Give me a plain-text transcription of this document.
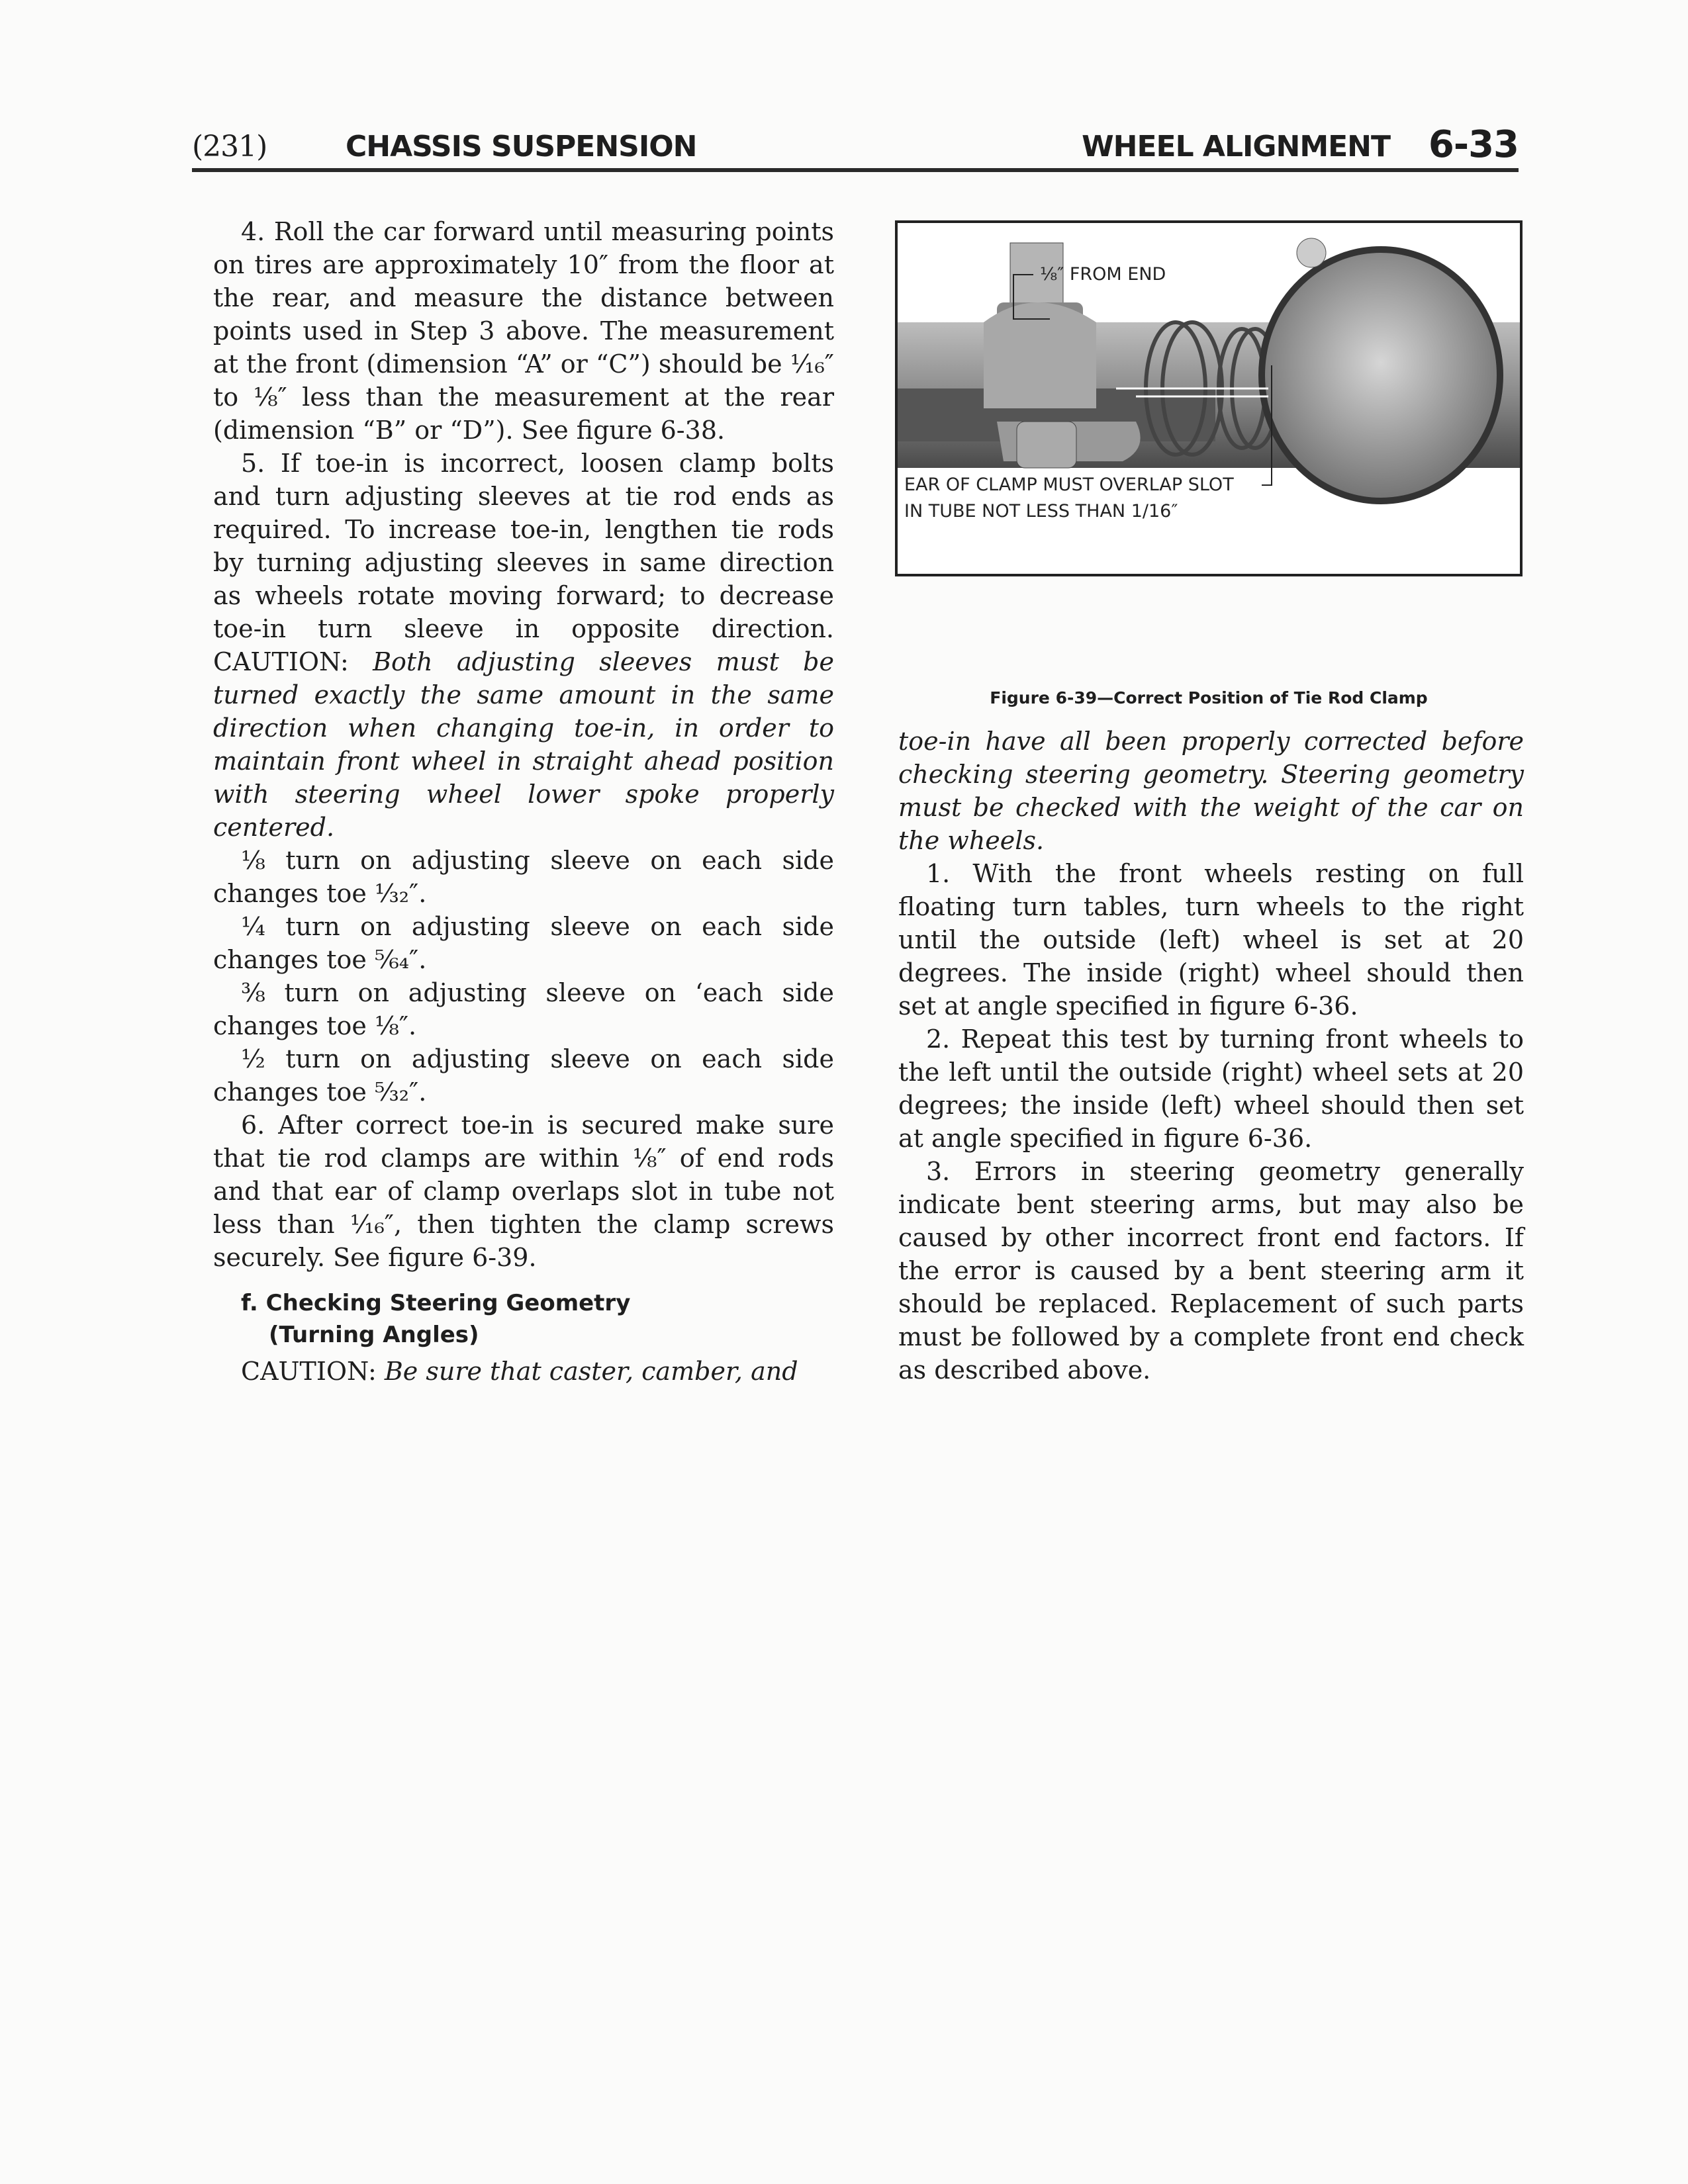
(231)	CHASSIS SUSPENSION	WHEEL ALIGNMENT 6-33

4. Roll the car forward until measuring points on tires are approximately 10″ from the floor at the rear, and measure the distance between points used in Step 3 above. The measurement at the front (dimension “A” or “C”) should be ¹⁄₁₆″ to ⅛″ less than the measurement at the rear (dimension “B” or “D”). See figure 6-38.

5. If toe-in is incorrect, loosen clamp bolts and turn adjusting sleeves at tie rod ends as required. To increase toe-in, lengthen tie rods by turning adjusting sleeves in same direction as wheels rotate moving forward; to decrease toe-in turn sleeve in opposite direction. CAUTION: Both adjusting sleeves must be turned exactly the same amount in the same direction when changing toe-in, in order to maintain front wheel in straight ahead position with steering wheel lower spoke properly centered.

⅛ turn on adjusting sleeve on each side changes toe ¹⁄₃₂″.

¼ turn on adjusting sleeve on each side changes toe ⁵⁄₆₄″.

⅜ turn on adjusting sleeve on ‘each side changes toe ⅛″.

½ turn on adjusting sleeve on each side changes toe ⁵⁄₃₂″.

6. After correct toe-in is secured make sure that tie rod clamps are within ⅛″ of end rods and that ear of clamp overlaps slot in tube not less than ¹⁄₁₆″, then tighten the clamp screws securely. See figure 6-39.

f. Checking Steering Geometry
(Turning Angles)

CAUTION: Be sure that caster, camber, and

⅛″ FROM END
EAR OF CLAMP MUST OVERLAP SLOT
IN TUBE NOT LESS THAN 1/16″
Figure 6-39—Correct Position of Tie Rod Clamp

toe-in have all been properly corrected before checking steering geometry. Steering geometry must be checked with the weight of the car on the wheels.

1. With the front wheels resting on full floating turn tables, turn wheels to the right until the outside (left) wheel is set at 20 degrees. The inside (right) wheel should then set at angle specified in figure 6-36.

2. Repeat this test by turning front wheels to the left until the outside (right) wheel sets at 20 degrees; the inside (left) wheel should then set at angle specified in figure 6-36.

3. Errors in steering geometry generally indicate bent steering arms, but may also be caused by other incorrect front end factors. If the error is caused by a bent steering arm it should be replaced. Replacement of such parts must be followed by a complete front end check as described above.
